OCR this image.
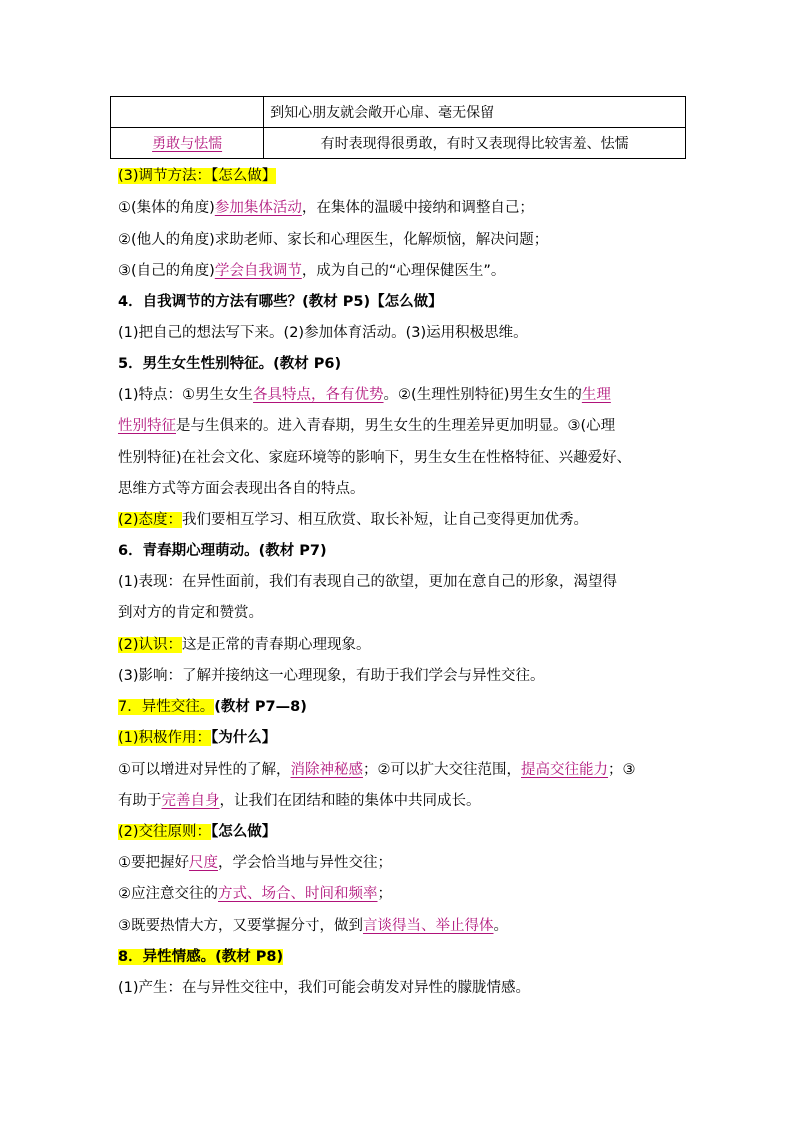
	到知心朋友就会敞开心扉、毫无保留
勇敢与怯懦	有时表现得很勇敢，有时又表现得比较害羞、怯懦
(3)调节方法：【怎么做】
①(集体的角度)参加集体活动，在集体的温暖中接纳和调整自己；
②(他人的角度)求助老师、家长和心理医生，化解烦恼，解决问题；
③(自己的角度)学会自我调节，成为自己的“心理保健医生”。
4．自我调节的方法有哪些？(教材 P5)【怎么做】
(1)把自己的想法写下来。(2)参加体育活动。(3)运用积极思维。
5．男生女生性别特征。(教材 P6)
(1)特点：①男生女生各具特点，各有优势。②(生理性别特征)男生女生的生理
性别特征是与生俱来的。进入青春期，男生女生的生理差异更加明显。③(心理
性别特征)在社会文化、家庭环境等的影响下，男生女生在性格特征、兴趣爱好、
思维方式等方面会表现出各自的特点。
(2)态度：我们要相互学习、相互欣赏、取长补短，让自己变得更加优秀。
6．青春期心理萌动。(教材 P7)
(1)表现：在异性面前，我们有表现自己的欲望，更加在意自己的形象，渴望得
到对方的肯定和赞赏。
(2)认识：这是正常的青春期心理现象。
(3)影响：了解并接纳这一心理现象，有助于我们学会与异性交往。
7．异性交往。(教材 P7—8)
(1)积极作用：【为什么】
①可以增进对异性的了解，消除神秘感；②可以扩大交往范围，提高交往能力；③
有助于完善自身，让我们在团结和睦的集体中共同成长。
(2)交往原则：【怎么做】
①要把握好尺度，学会恰当地与异性交往；
②应注意交往的方式、场合、时间和频率；
③既要热情大方，又要掌握分寸，做到言谈得当、举止得体。
8．异性情感。(教材 P8)
(1)产生：在与异性交往中，我们可能会萌发对异性的朦胧情感。
